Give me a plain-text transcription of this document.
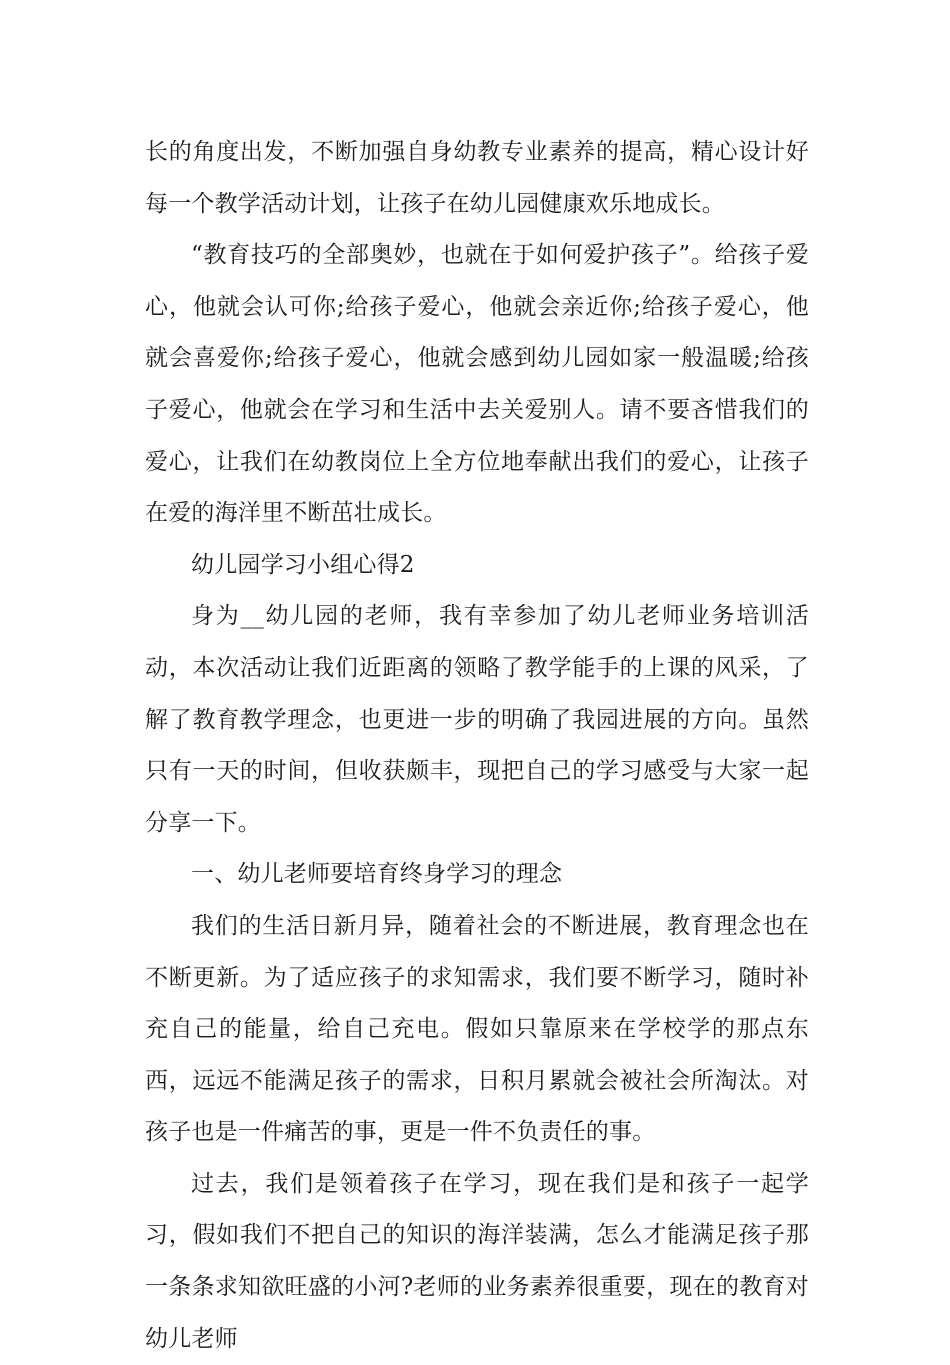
长的角度出发，不断加强自身幼教专业素养的提高，精心设计好每一个教学活动计划，让孩子在幼儿园健康欢乐地成长。

“教育技巧的全部奥妙，也就在于如何爱护孩子”。给孩子爱心，他就会认可你;给孩子爱心，他就会亲近你;给孩子爱心，他就会喜爱你;给孩子爱心，他就会感到幼儿园如家一般温暖;给孩子爱心，他就会在学习和生活中去关爱别人。请不要吝惜我们的爱心，让我们在幼教岗位上全方位地奉献出我们的爱心，让孩子在爱的海洋里不断茁壮成长。

幼儿园学习小组心得2

身为__幼儿园的老师，我有幸参加了幼儿老师业务培训活动，本次活动让我们近距离的领略了教学能手的上课的风采，了解了教育教学理念，也更进一步的明确了我园进展的方向。虽然只有一天的时间，但收获颇丰，现把自己的学习感受与大家一起分享一下。

一、幼儿老师要培育终身学习的理念

我们的生活日新月异，随着社会的不断进展，教育理念也在不断更新。为了适应孩子的求知需求，我们要不断学习，随时补充自己的能量，给自己充电。假如只靠原来在学校学的那点东西，远远不能满足孩子的需求，日积月累就会被社会所淘汰。对孩子也是一件痛苦的事，更是一件不负责任的事。

过去，我们是领着孩子在学习，现在我们是和孩子一起学习，假如我们不把自己的知识的海洋装满，怎么才能满足孩子那一条条求知欲旺盛的小河?老师的业务素养很重要，现在的教育对幼儿老师
